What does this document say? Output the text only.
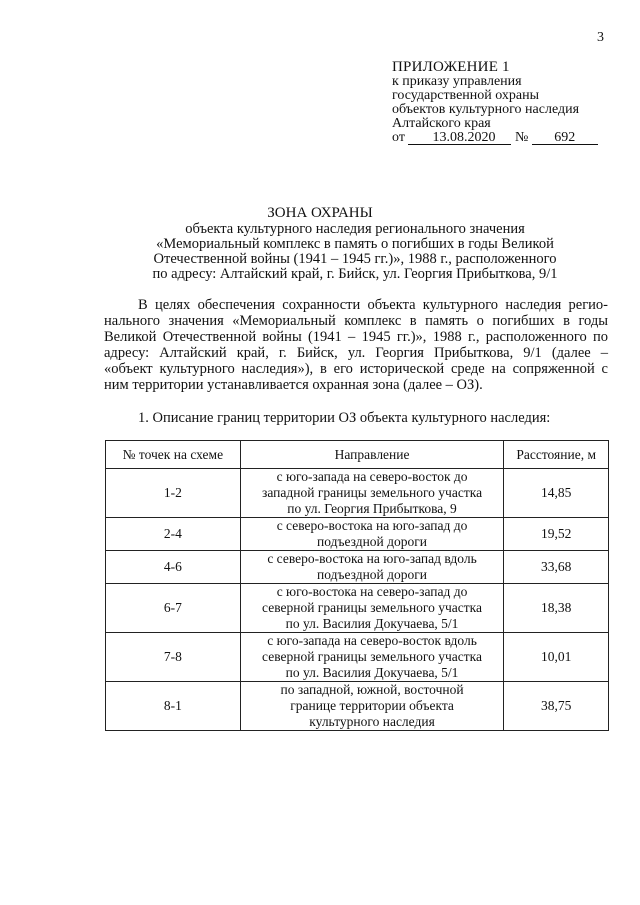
3
ПРИЛОЖЕНИЕ 1
к приказу управления
государственной охраны
объектов культурного наследия
Алтайского края
от 13.08.2020 № 692
ЗОНА ОХРАНЫ
объекта культурного наследия регионального значения
«Мемориальный комплекс в память о погибших в годы Великой
Отечественной войны (1941 – 1945 гг.)», 1988 г., расположенного
по адресу: Алтайский край, г. Бийск, ул. Георгия Прибыткова, 9/1
В целях обеспечения сохранности объекта культурного наследия регио-
нального значения «Мемориальный комплекс в память о погибших в годы
Великой Отечественной войны (1941 – 1945 гг.)», 1988 г., расположенного по
адресу: Алтайский край, г. Бийск, ул. Георгия Прибыткова, 9/1 (далее –
«объект культурного наследия»), в его исторической среде на сопряженной с
ним территории устанавливается охранная зона (далее – ОЗ).
1. Описание границ территории ОЗ объекта культурного наследия:
№ точек на схеме	Направление	Расстояние, м
1-2	с юго-запада на северо-восток до
западной границы земельного участка
по ул. Георгия Прибыткова, 9	14,85
2-4	с северо-востока на юго-запад до
подъездной дороги	19,52
4-6	с северо-востока на юго-запад вдоль
подъездной дороги	33,68
6-7	с юго-востока на северо-запад до
северной границы земельного участка
по ул. Василия Докучаева, 5/1	18,38
7-8	с юго-запада на северо-восток вдоль
северной границы земельного участка
по ул. Василия Докучаева, 5/1	10,01
8-1	по западной, южной, восточной
границе территории объекта
культурного наследия	38,75
